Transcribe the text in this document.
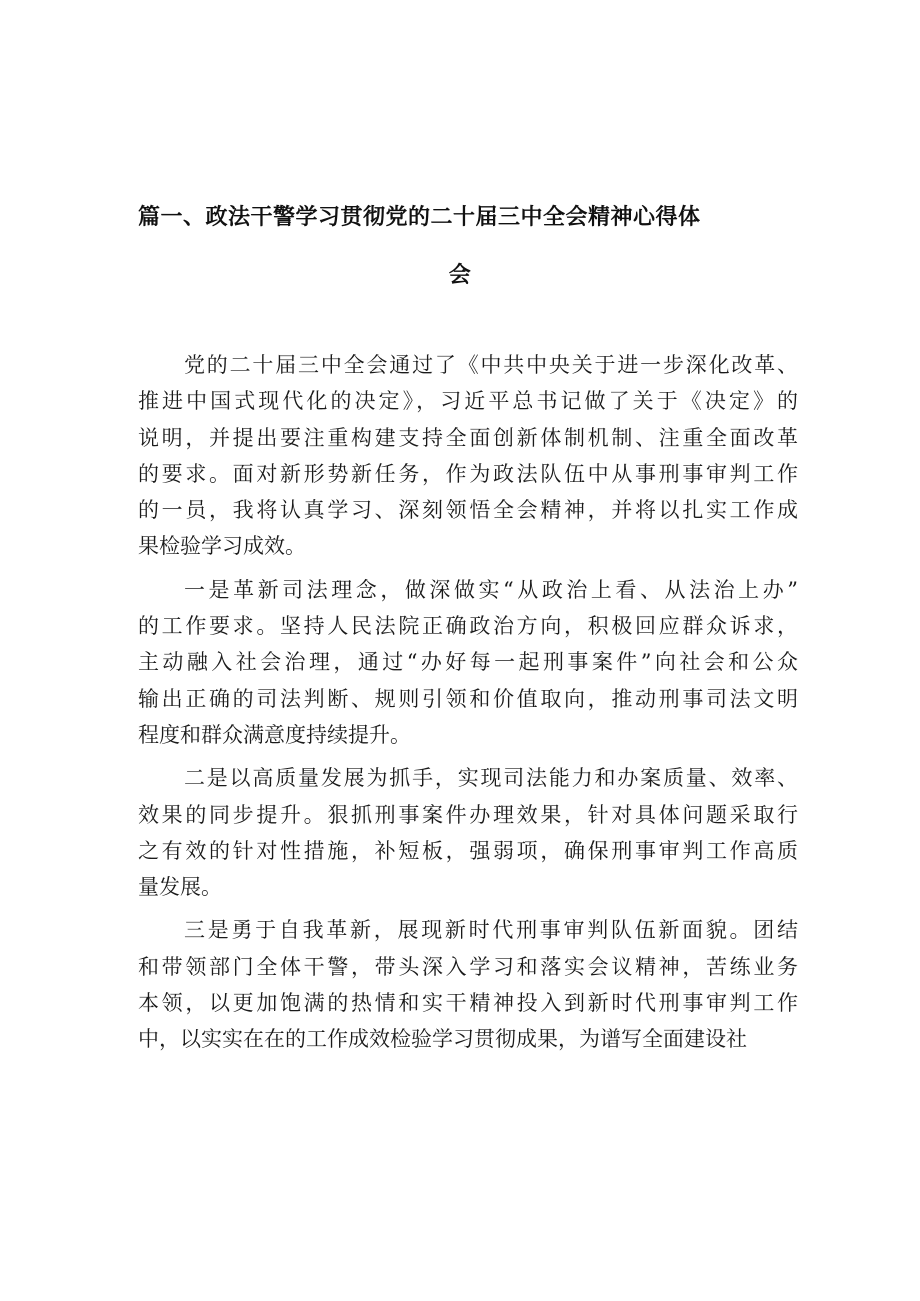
篇一、政法干警学习贯彻党的二十届三中全会精神心得体
会
党的二十届三中全会通过了《中共中央关于进一步深化改革、
推进中国式现代化的决定》，习近平总书记做了关于《决定》的
说明，并提出要注重构建支持全面创新体制机制、注重全面改革
的要求。面对新形势新任务，作为政法队伍中从事刑事审判工作
的一员，我将认真学习、深刻领悟全会精神，并将以扎实工作成
果检验学习成效。
一是革新司法理念，做深做实“从政治上看、从法治上办”
的工作要求。坚持人民法院正确政治方向，积极回应群众诉求，
主动融入社会治理，通过“办好每一起刑事案件”向社会和公众
输出正确的司法判断、规则引领和价值取向，推动刑事司法文明
程度和群众满意度持续提升。
二是以高质量发展为抓手，实现司法能力和办案质量、效率、
效果的同步提升。狠抓刑事案件办理效果，针对具体问题采取行
之有效的针对性措施，补短板，强弱项，确保刑事审判工作高质
量发展。
三是勇于自我革新，展现新时代刑事审判队伍新面貌。团结
和带领部门全体干警，带头深入学习和落实会议精神，苦练业务
本领，以更加饱满的热情和实干精神投入到新时代刑事审判工作
中，以实实在在的工作成效检验学习贯彻成果，为谱写全面建设社
